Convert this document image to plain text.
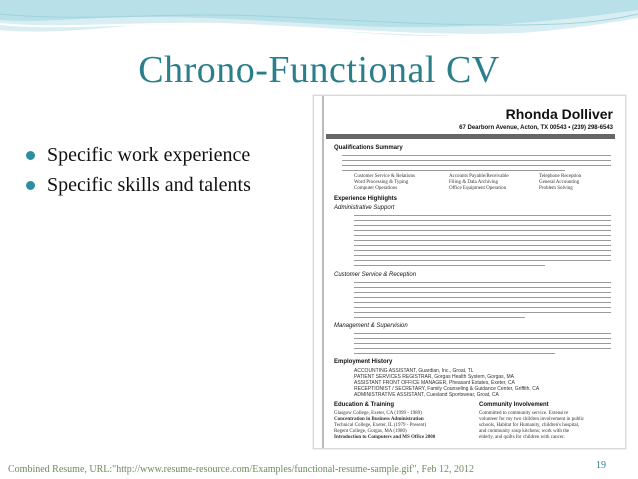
Chrono-Functional CV
Specific work experience
Specific skills and talents
Rhonda Dolliver
67 Dearborn Avenue, Acton, TX 00543 • (239) 298-6543
Qualifications Summary
Customer Service & Relations
Word Processing & Typing
Computer Operations
Accounts Payable/Receivable
Filing & Data Archiving
Office Equipment Operation
Telephone Reception
General Accounting
Problem Solving
Experience Highlights
Administrative Support
Customer Service & Reception
Management & Supervision
Employment History
ACCOUNTING ASSISTANT, Guardian, Inc., Groat, TL
PATIENT SERVICES REGISTRAR, Gorgas Health System, Gorgas, MA
ASSISTANT FRONT OFFICE MANAGER, Pheasant Estates, Exeter, CA
RECEPTIONIST / SECRETARY, Family Counseling & Guidance Center, Griffith, CA
ADMINISTRATIVE ASSISTANT, Cuesland Sportswear, Groat, CA
Education & Training	Community Involvement
Glasgow College, Exeter, CA (1999 - 1989)
Concentration in Business Administration
Technical College, Exeter, IL (1979 - Present)
Regent College, Gorgas, MA (1980)
Introduction to Computers and MS Office 2000
Committed to community service. Extensive
volunteer for my two children involvement in public
schools, Habitat for Humanity, children's hospital,
and community soup kitchens; work with the
elderly, and quilts for children with cancer.
Combined Resume, URL:"http://www.resume-resource.com/Examples/functional-resume-sample.gif", Feb 12, 2012	19
